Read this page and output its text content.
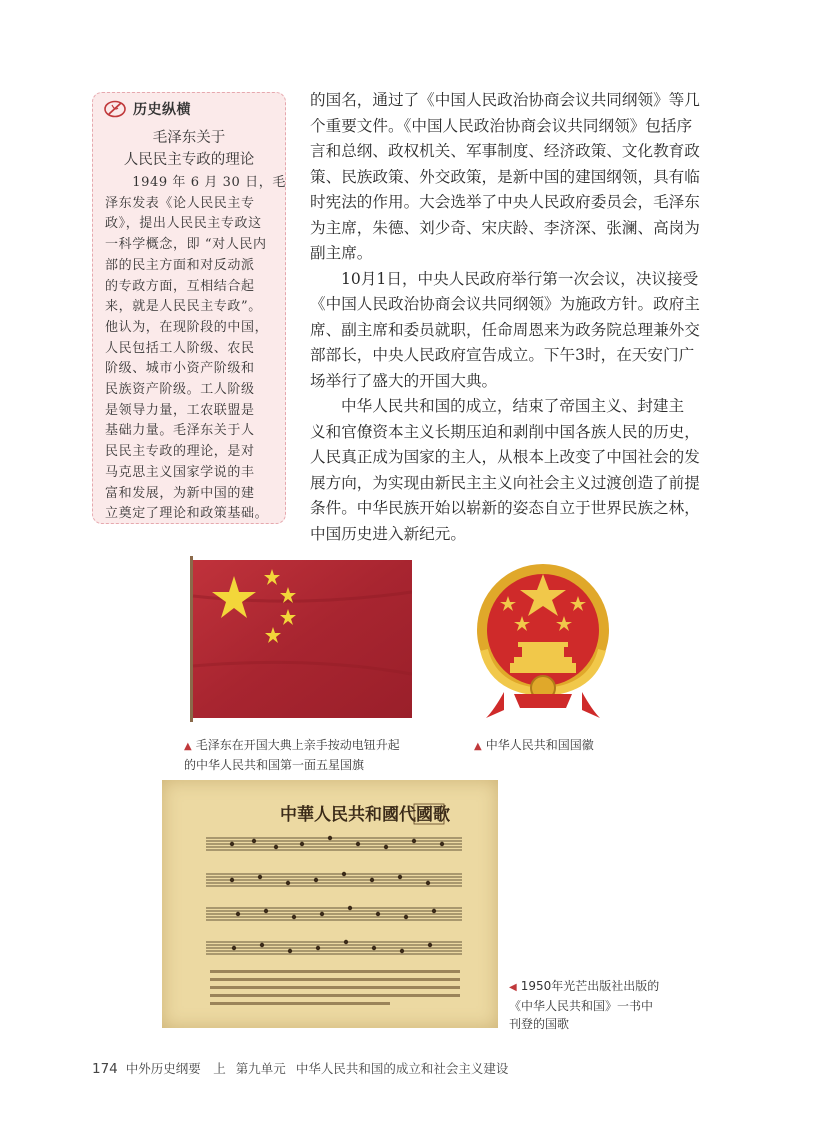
历史纵横
毛泽东关于
人民民主专政的理论
　　1949 年 6 月 30 日，毛
泽东发表《论人民民主专
政》，提出人民民主专政这
一科学概念，即 “对人民内
部的民主方面和对反动派
的专政方面，互相结合起
来，就是人民民主专政”。
他认为，在现阶段的中国，
人民包括工人阶级、农民
阶级、城市小资产阶级和
民族资产阶级。工人阶级
是领导力量，工农联盟是
基础力量。毛泽东关于人
民民主专政的理论，是对
马克思主义国家学说的丰
富和发展，为新中国的建
立奠定了理论和政策基础。
的国名，通过了《中国人民政治协商会议共同纲领》等几
个重要文件。《中国人民政治协商会议共同纲领》包括序
言和总纲、政权机关、军事制度、经济政策、文化教育政
策、民族政策、外交政策，是新中国的建国纲领，具有临
时宪法的作用。大会选举了中央人民政府委员会，毛泽东
为主席，朱德、刘少奇、宋庆龄、李济深、张澜、高岗为
副主席。
10月1日，中央人民政府举行第一次会议，决议接受
《中国人民政治协商会议共同纲领》为施政方针。政府主
席、副主席和委员就职，任命周恩来为政务院总理兼外交
部部长，中央人民政府宣告成立。下午3时，在天安门广
场举行了盛大的开国大典。
中华人民共和国的成立，结束了帝国主义、封建主
义和官僚资本主义长期压迫和剥削中国各族人民的历史，
人民真正成为国家的主人，从根本上改变了中国社会的发
展方向，为实现由新民主主义向社会主义过渡创造了前提
条件。中华民族开始以崭新的姿态自立于世界民族之林，
中国历史进入新纪元。
▲ 毛泽东在开国大典上亲手按动电钮升起
的中华人民共和国第一面五星国旗
▲ 中华人民共和国国徽
中華人民共和國代國歌
◀ 1950年光芒出版社出版的
《中华人民共和国》一书中
刊登的国歌
174 中外历史纲要　上 第九单元 中华人民共和国的成立和社会主义建设
